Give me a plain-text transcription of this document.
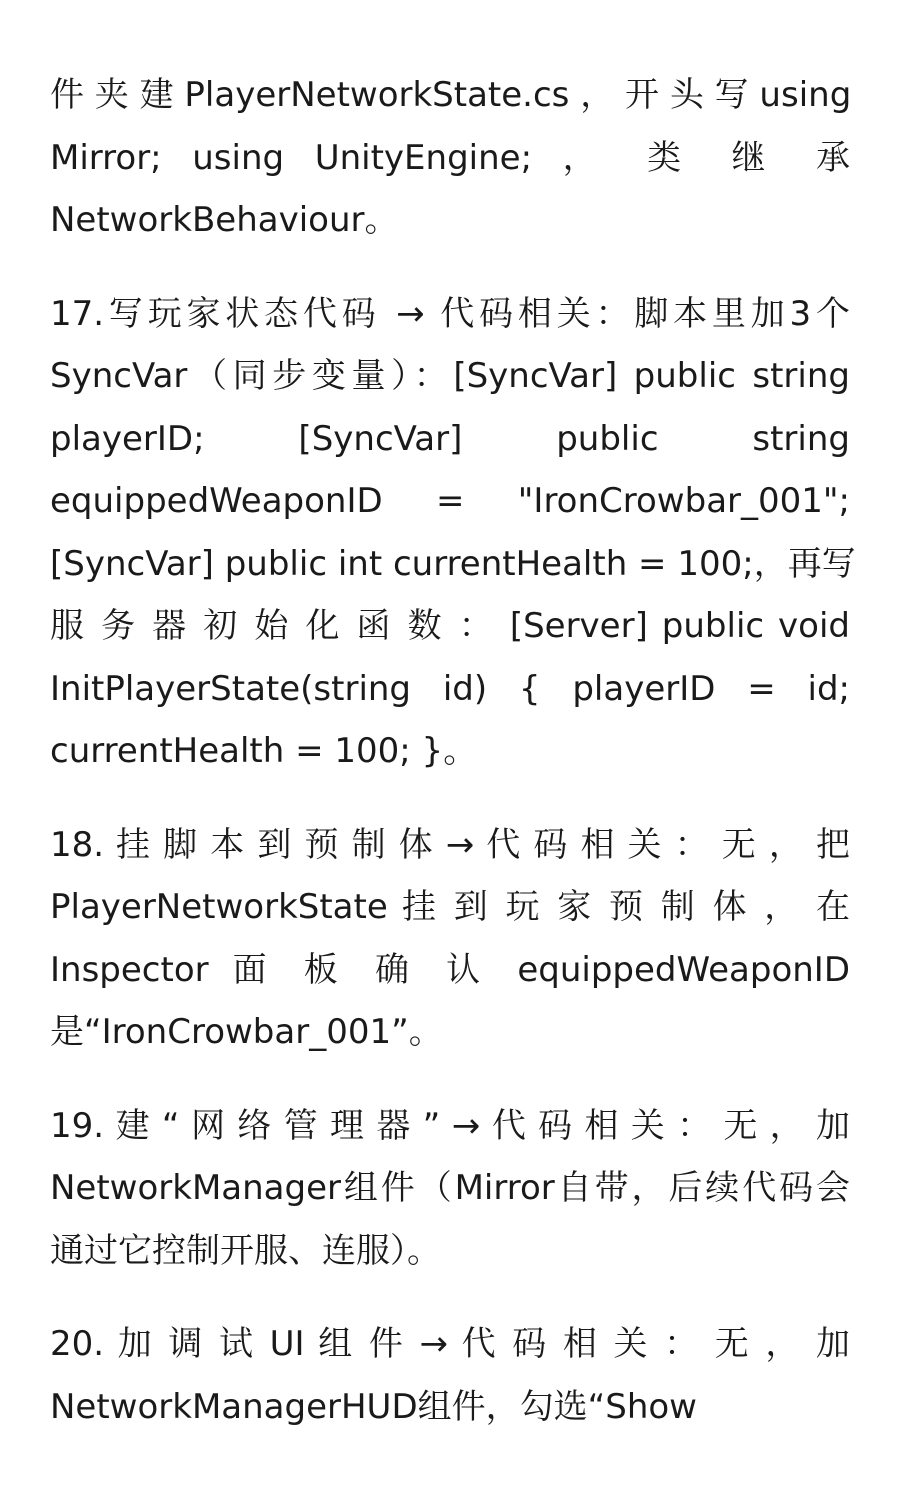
件 夹 建 PlayerNetworkState.cs ， 开 头 写 using
Mirror; using UnityEngine; ， 类 继 承
NetworkBehaviour。
17.写玩家状态代码 → 代码相关：脚本里加3个
SyncVar（同步变量）：[SyncVar] public string
playerID; [SyncVar] public string
equippedWeaponID = "IronCrowbar_001";
[SyncVar] public int currentHealth = 100;，再写
服 务 器 初 始 化 函 数 ： [Server] public void
InitPlayerState(string id) { playerID = id;
currentHealth = 100; }。
18. 挂 脚 本 到 预 制 体 → 代 码 相 关 ： 无 ， 把
PlayerNetworkState 挂 到 玩 家 预 制 体 ， 在
Inspector 面 板 确 认 equippedWeaponID
是“IronCrowbar_001”。
19. 建 “ 网 络 管 理 器 ” → 代 码 相 关 ： 无 ， 加
NetworkManager组件（Mirror自带，后续代码会
通过它控制开服、连服）。
20. 加 调 试 UI 组 件 → 代 码 相 关 ： 无 ， 加
NetworkManagerHUD组件，勾选“Show
